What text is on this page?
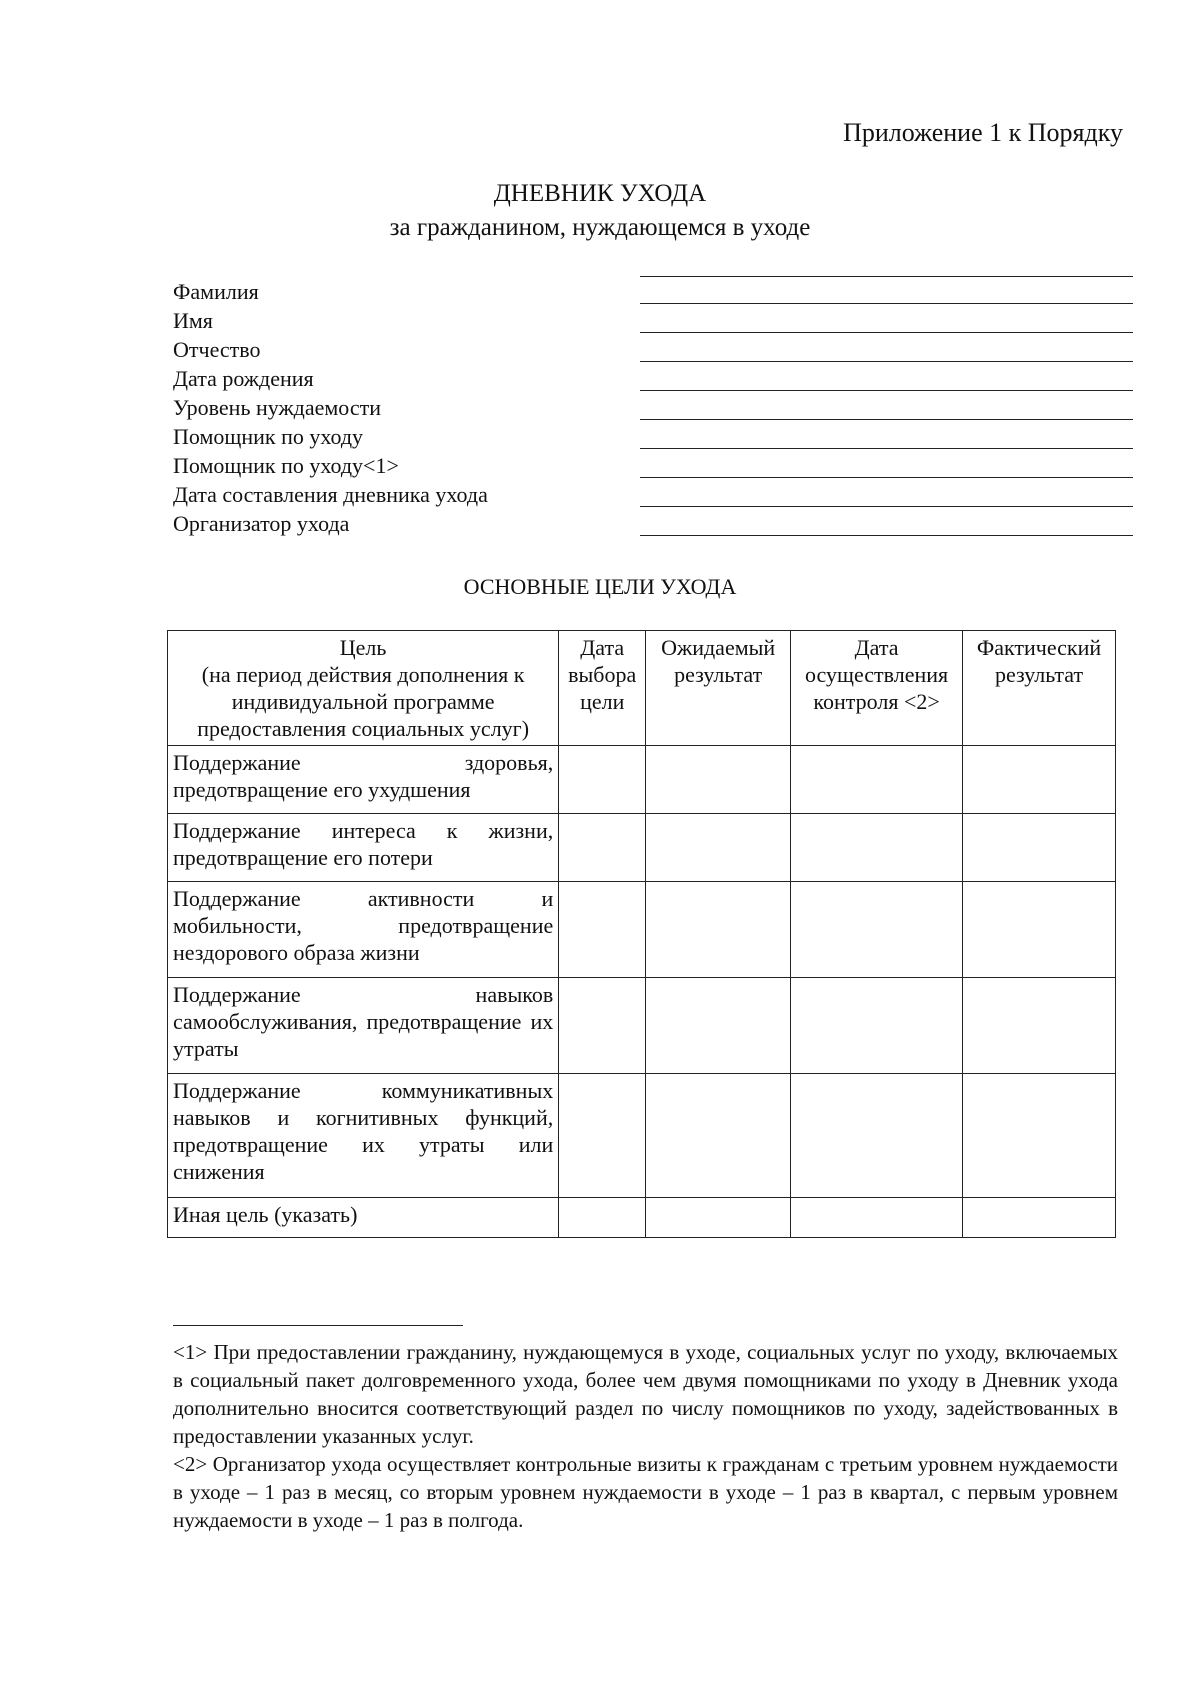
Приложение 1 к Порядку
ДНЕВНИК УХОДА
за гражданином, нуждающемся в уходе
Фамилия
Имя
Отчество
Дата рождения
Уровень нуждаемости
Помощник по уходу
Помощник по уходу<1>
Дата составления дневника ухода
Организатор ухода
ОСНОВНЫЕ ЦЕЛИ УХОДА
Цель
(на период действия дополнения к
индивидуальной программе
предоставления социальных услуг)	Дата выбора цели	Ожидаемый результат	Дата осуществления контроля <2>	Фактический результат
Поддержание здоровья, предотвращение его ухудшения				
Поддержание интереса к жизни, предотвращение его потери				
Поддержание активности и мобильности, предотвращение нездорового образа жизни				
Поддержание навыков самообслуживания, предотвращение их утраты				
Поддержание коммуникативных навыков и когнитивных функций, предотвращение их утраты или снижения				
Иная цель (указать)				

<1> При предоставлении гражданину, нуждающемуся в уходе, социальных услуг по уходу, включаемых в социальный пакет долговременного ухода, более чем двумя помощниками по уходу в Дневник ухода дополнительно вносится соответствующий раздел по числу помощников по уходу, задействованных в предоставлении указанных услуг.

<2> Организатор ухода осуществляет контрольные визиты к гражданам с третьим уровнем нуждаемости в уходе – 1 раз в месяц, со вторым уровнем нуждаемости в уходе – 1 раз в квартал, с первым уровнем нуждаемости в уходе – 1 раз в полгода.
